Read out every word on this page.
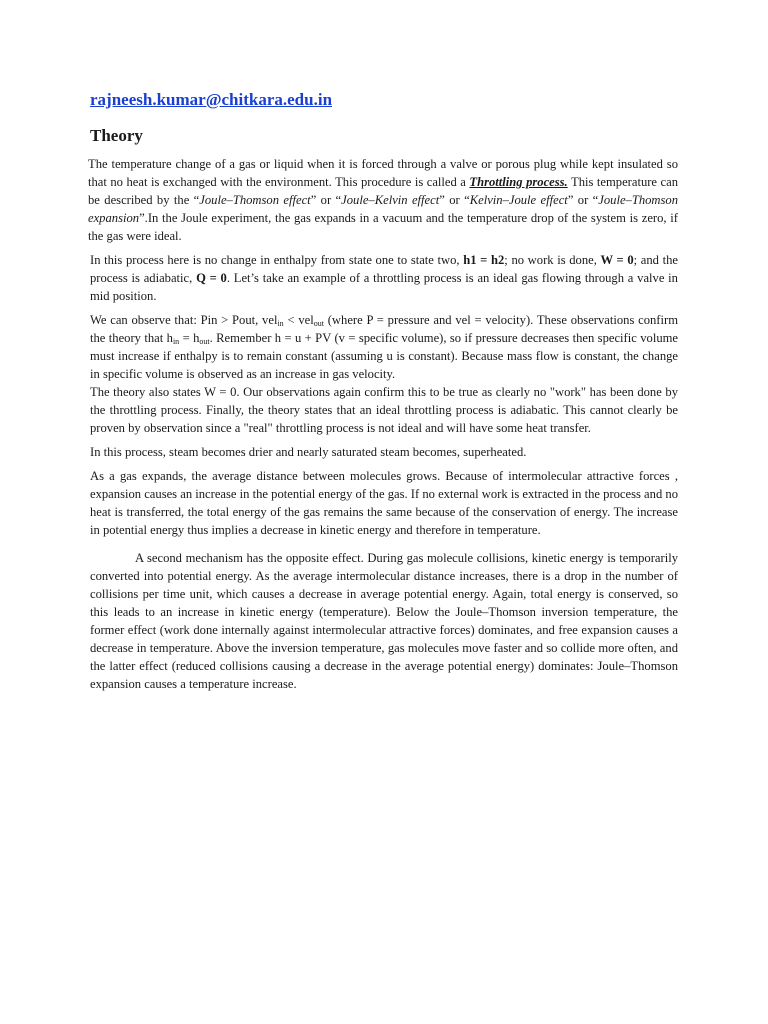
rajneesh.kumar@chitkara.edu.in
Theory

The temperature change of a gas or liquid when it is forced through a valve or porous plug while kept insulated so that no heat is exchanged with the environment. This procedure is called a Throttling process. This temperature can be described by the “Joule–Thomson effect” or “Joule–Kelvin effect” or “Kelvin–Joule effect” or “Joule–Thomson expansion”.In the Joule experiment, the gas expands in a vacuum and the temperature drop of the system is zero, if the gas were ideal.

In this process here is no change in enthalpy from state one to state two, h1 = h2; no work is done, W = 0; and the process is adiabatic, Q = 0. Let’s take an example of a throttling process is an ideal gas flowing through a valve in mid position.

We can observe that: Pin > Pout, vel$_{in}$ < vel$_{out}$ (where P = pressure and vel = velocity). These observations confirm the theory that $h_{in} = h_{out}$. Remember h = u + PV (v = specific volume), so if pressure decreases then specific volume must increase if enthalpy is to remain constant (assuming u is constant). Because mass flow is constant, the change in specific volume is observed as an increase in gas velocity.

The theory also states W = 0. Our observations again confirm this to be true as clearly no "work" has been done by the throttling process. Finally, the theory states that an ideal throttling process is adiabatic. This cannot clearly be proven by observation since a "real" throttling process is not ideal and will have some heat transfer.

In this process, steam becomes drier and nearly saturated steam becomes, superheated.

As a gas expands, the average distance between molecules grows. Because of intermolecular attractive forces , expansion causes an increase in the potential energy of the gas. If no external work is extracted in the process and no heat is transferred, the total energy of the gas remains the same because of the conservation of energy. The increase in potential energy thus implies a decrease in kinetic energy and therefore in temperature.

A second mechanism has the opposite effect. During gas molecule collisions, kinetic energy is temporarily converted into potential energy. As the average intermolecular distance increases, there is a drop in the number of collisions per time unit, which causes a decrease in average potential energy. Again, total energy is conserved, so this leads to an increase in kinetic energy (temperature). Below the Joule–Thomson inversion temperature, the former effect (work done internally against intermolecular attractive forces) dominates, and free expansion causes a decrease in temperature. Above the inversion temperature, gas molecules move faster and so collide more often, and the latter effect (reduced collisions causing a decrease in the average potential energy) dominates: Joule–Thomson expansion causes a temperature increase.
